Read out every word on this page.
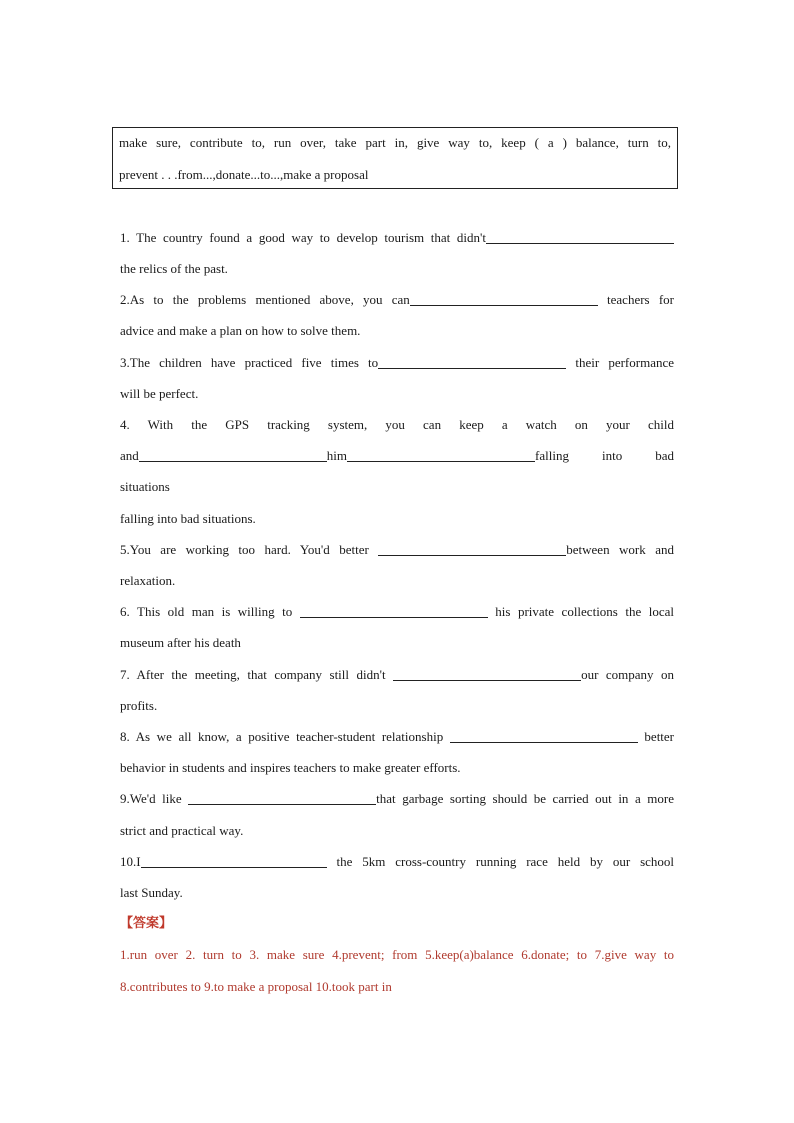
make sure, contribute to, run over, take part in, give way to, keep ( a ) balance, turn to,
prevent . . .from...,donate...to...,make a proposal
1. The country found a good way to develop tourism that didn't
the relics of the past.
2.As to the problems mentioned above, you can	teachers for
advice and make a plan on how to solve them.
3.The children have practiced five times to	their performance
will be perfect.
4. With the GPS tracking system, you can keep a watch on your child
and	him	falling into bad
situations
falling into bad situations.
5.You are working too hard. You'd better	between work and
relaxation.
6. This old man is willing to	his private collections the local
museum after his death
7. After the meeting, that company still didn't	our company on
profits.
8. As we all know, a positive teacher-student relationship	better
behavior in students and inspires teachers to make greater efforts.
9.We'd like	that garbage sorting should be carried out in a more
strict and practical way.
10.I	the 5km cross-country running race held by our school
last Sunday.
【答案】
1.run over 2. turn to 3. make sure 4.prevent; from 5.keep(a)balance 6.donate; to 7.give way to
8.contributes to 9.to make a proposal 10.took part in
